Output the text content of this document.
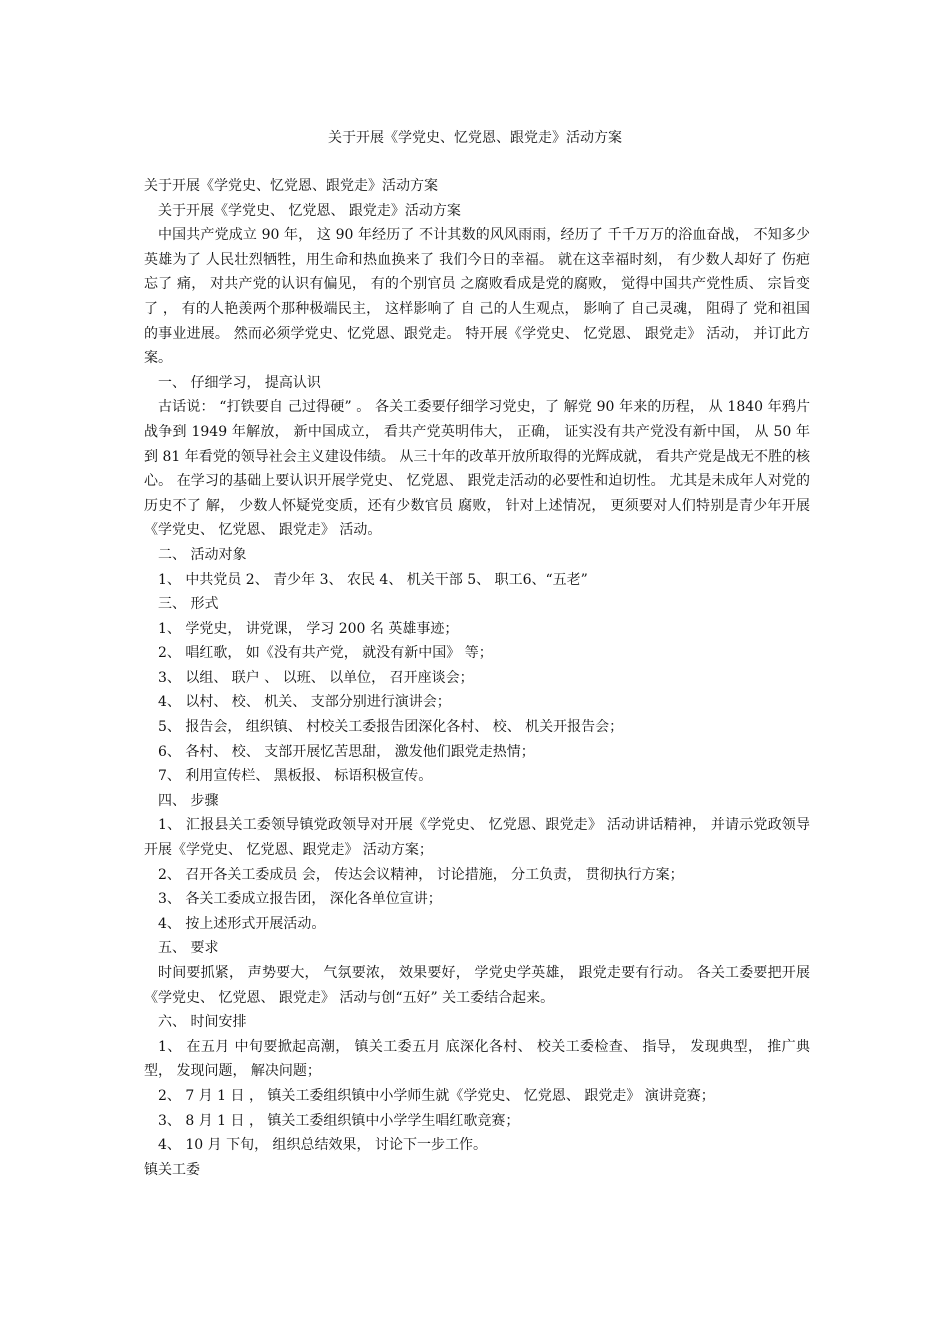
关于开展《学党史、忆党恩、跟党走》活动方案

关于开展《学党史、忆党恩、跟党走》活动方案

关于开展《学党史、 忆党恩、 跟党走》活动方案

中国共产党成立 90 年， 这 90 年经历了 不计其数的风风雨雨，经历了 千千万万的浴血奋战， 不知多少英雄为了 人民壮烈牺牲，用生命和热血换来了 我们今日的幸福。 就在这幸福时刻， 有少数人却好了 伤疤忘了 痛， 对共产党的认识有偏见， 有的个别官员 之腐败看成是党的腐败， 觉得中国共产党性质、 宗旨变了 ， 有的人艳羡两个那种极端民主， 这样影响了 自 己的人生观点， 影响了 自己灵魂， 阻碍了 党和祖国的事业进展。 然而必须学党史、忆党恩、跟党走。 特开展《学党史、 忆党恩、 跟党走》 活动， 并订此方案。

一、 仔细学习， 提高认识

古话说： “打铁要自 己过得硬” 。 各关工委要仔细学习党史，了 解党 90 年来的历程， 从 1840 年鸦片战争到 1949 年解放， 新中国成立， 看共产党英明伟大， 正确， 证实没有共产党没有新中国， 从 50 年到 81 年看党的领导社会主义建设伟绩。 从三十年的改革开放所取得的光辉成就， 看共产党是战无不胜的核心。 在学习的基础上要认识开展学党史、 忆党恩、 跟党走活动的必要性和迫切性。 尤其是未成年人对党的历史不了 解， 少数人怀疑党变质，还有少数官员 腐败， 针对上述情况， 更须要对人们特别是青少年开展《学党史、 忆党恩、 跟党走》 活动。

二、 活动对象

1、 中共党员 2、 青少年 3、 农民 4、 机关干部 5、 职工6、“五老”

三、 形式

1、 学党史， 讲党课， 学习 200 名 英雄事迹；

2、 唱红歌， 如《没有共产党， 就没有新中国》 等；

3、 以组、 联户 、 以班、 以单位， 召开座谈会；

4、 以村、 校、 机关、 支部分别进行演讲会；

5、 报告会， 组织镇、 村校关工委报告团深化各村、 校、 机关开报告会；

6、 各村、 校、 支部开展忆苦思甜， 激发他们跟党走热情；

7、 利用宣传栏、 黑板报、 标语积极宣传。

四、 步骤

1、 汇报县关工委领导镇党政领导对开展《学党史、 忆党恩、跟党走》 活动讲话精神， 并请示党政领导开展《学党史、 忆党恩、跟党走》 活动方案；

2、 召开各关工委成员 会， 传达会议精神， 讨论措施， 分工负责， 贯彻执行方案；

3、 各关工委成立报告团， 深化各单位宣讲；

4、 按上述形式开展活动。

五、 要求

时间要抓紧， 声势要大， 气氛要浓， 效果要好， 学党史学英雄， 跟党走要有行动。 各关工委要把开展《学党史、 忆党恩、 跟党走》 活动与创“五好” 关工委结合起来。

六、 时间安排

1、 在五月 中旬要掀起高潮， 镇关工委五月 底深化各村、 校关工委检查、 指导， 发现典型， 推广典型， 发现问题， 解决问题；

2、 7 月 1 日 ， 镇关工委组织镇中小学师生就《学党史、 忆党恩、 跟党走》 演讲竞赛；

3、 8 月 1 日 ， 镇关工委组织镇中小学学生唱红歌竞赛；

4、 10 月 下旬， 组织总结效果， 讨论下一步工作。

镇关工委
